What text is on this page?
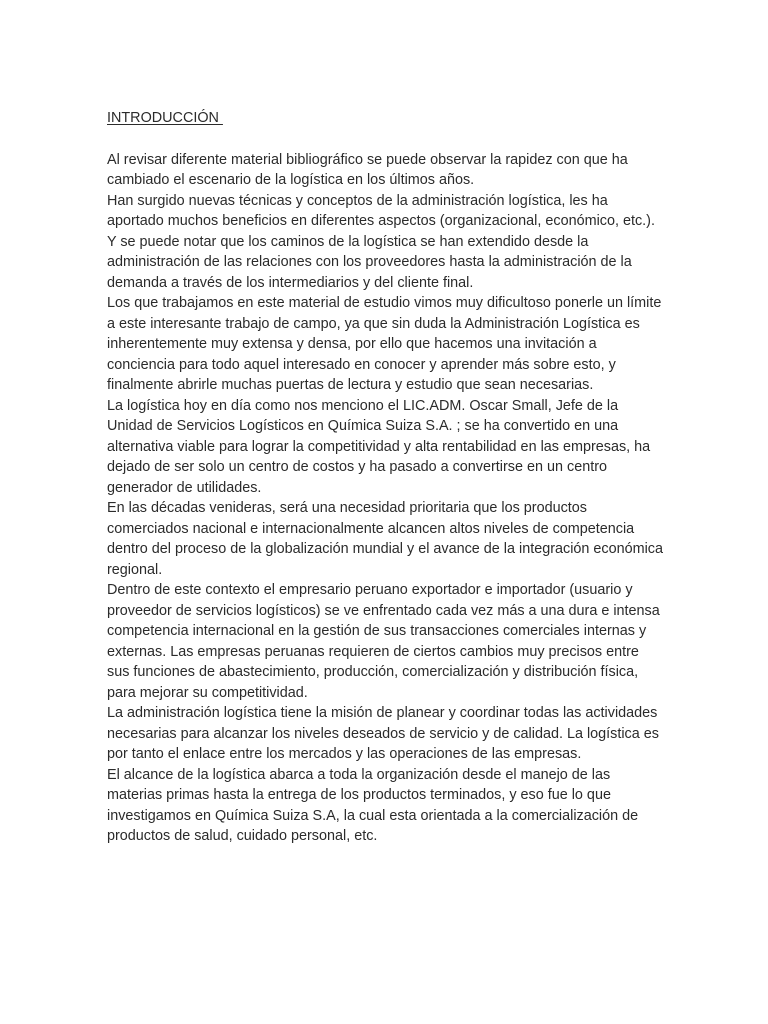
INTRODUCCIÓN

Al revisar diferente material bibliográfico se puede observar la rapidez con que ha cambiado el escenario de la logística en los últimos años.

Han surgido nuevas técnicas y conceptos de la administración logística, les ha aportado muchos beneficios en diferentes aspectos (organizacional, económico, etc.).

Y se puede notar que los caminos de la logística se han extendido desde la administración de las relaciones con los proveedores hasta la administración de la demanda a través de los intermediarios y del cliente final.

Los que trabajamos en este material de estudio vimos muy dificultoso ponerle un límite a este interesante trabajo de campo, ya que sin duda la Administración Logística es inherentemente muy extensa y densa, por ello que hacemos una invitación a conciencia para todo aquel interesado en conocer y aprender más sobre esto, y finalmente abrirle muchas puertas de lectura y estudio que sean necesarias.

La logística hoy en día como nos menciono el LIC.ADM. Oscar Small, Jefe de la Unidad de Servicios Logísticos en Química Suiza S.A. ; se ha convertido en una alternativa viable para lograr la competitividad y alta rentabilidad en las empresas, ha dejado de ser solo un centro de costos y ha pasado a convertirse en un centro generador de utilidades.

En las décadas venideras, será una necesidad prioritaria que los productos comerciados nacional e internacionalmente alcancen altos niveles de competencia dentro del proceso de la globalización mundial y el avance de la integración económica regional.

Dentro de este contexto el empresario peruano exportador e importador (usuario y proveedor de servicios logísticos) se ve enfrentado cada vez más a una dura e intensa competencia internacional en la gestión de sus transacciones comerciales internas y externas. Las empresas peruanas requieren de ciertos cambios muy precisos entre sus funciones de abastecimiento, producción, comercialización y distribución física, para mejorar su competitividad.

La administración logística tiene la misión de planear y coordinar todas las actividades necesarias para alcanzar los niveles deseados de servicio y de calidad. La logística es por tanto el enlace entre los mercados y las operaciones de las empresas.

El alcance de la logística abarca a toda la organización desde el manejo de las materias primas hasta la entrega de los productos terminados, y eso fue lo que investigamos en Química Suiza S.A, la cual esta orientada a la comercialización de productos de salud, cuidado personal, etc.
